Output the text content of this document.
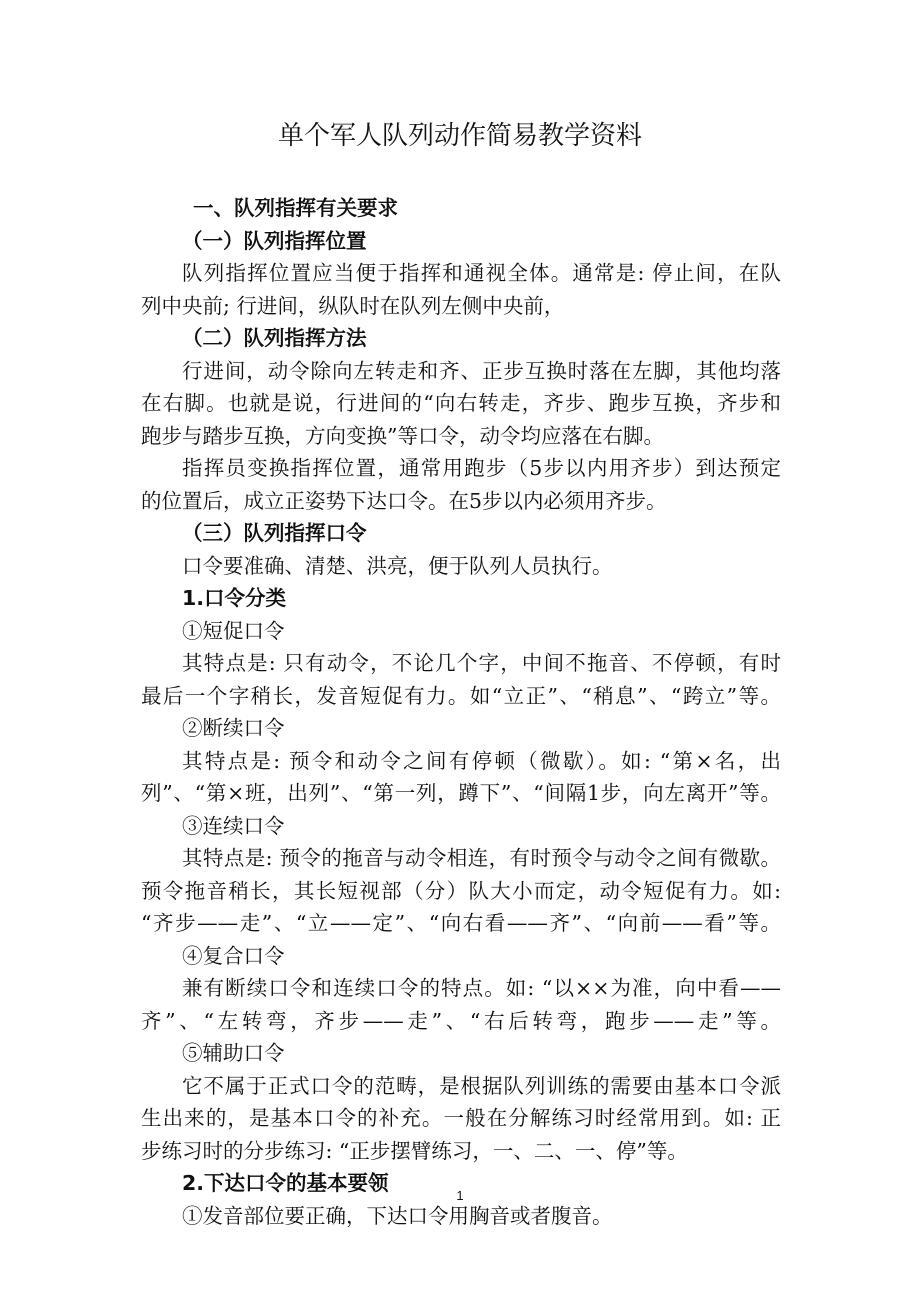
单个军人队列动作简易教学资料
一、队列指挥有关要求
（一）队列指挥位置
队列指挥位置应当便于指挥和通视全体。通常是: 停止间，在队
列中央前; 行进间，纵队时在队列左侧中央前，
（二）队列指挥方法
行进间，动令除向左转走和齐、正步互换时落在左脚，其他均落
在右脚。也就是说，行进间的“向右转走，齐步、跑步互换，齐步和
跑步与踏步互换，方向变换”等口令，动令均应落在右脚。
指挥员变换指挥位置，通常用跑步（5步以内用齐步）到达预定
的位置后，成立正姿势下达口令。在5步以内必须用齐步。
（三）队列指挥口令
口令要准确、清楚、洪亮，便于队列人员执行。
1.口令分类
①短促口令
其特点是: 只有动令，不论几个字，中间不拖音、不停顿，有时
最后一个字稍长，发音短促有力。如“立正”、“稍息”、“跨立”等。
②断续口令
其特点是: 预令和动令之间有停顿（微歇）。如: “第×名，出
列”、“第×班，出列”、“第一列，蹲下”、“间隔1步，向左离开”等。
③连续口令
其特点是: 预令的拖音与动令相连，有时预令与动令之间有微歇。
预令拖音稍长，其长短视部（分）队大小而定，动令短促有力。如:
“齐步——走”、“立——定”、“向右看——齐”、“向前——看”等。
④复合口令
兼有断续口令和连续口令的特点。如: “以××为准，向中看——
齐”、“左转弯，齐步——走”、“右后转弯，跑步——走”等。
⑤辅助口令
它不属于正式口令的范畴，是根据队列训练的需要由基本口令派
生出来的，是基本口令的补充。一般在分解练习时经常用到。如: 正
步练习时的分步练习: “正步摆臂练习，一、二、一、停”等。
2.下达口令的基本要领
①发音部位要正确，下达口令用胸音或者腹音。
1
